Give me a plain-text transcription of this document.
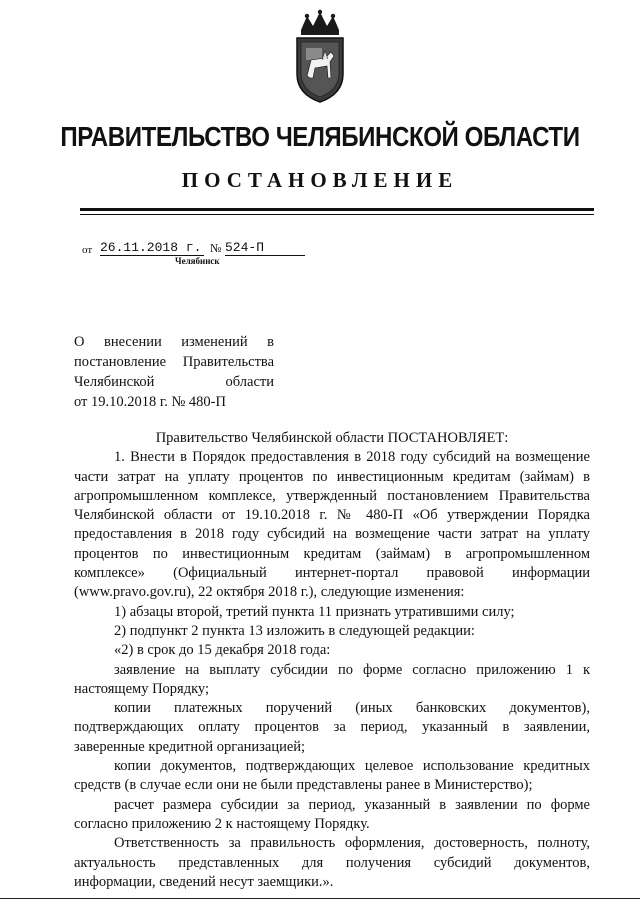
ПРАВИТЕЛЬСТВО ЧЕЛЯБИНСКОЙ ОБЛАСТИ
ПОСТАНОВЛЕНИЕ
от 26.11.2018 г. № 524-П
Челябинск
О внесении изменений в
постановление Правительства
Челябинской области
от 19.10.2018 г. № 480-П
Правительство Челябинской области ПОСТАНОВЛЯЕТ:
1. Внести в Порядок предоставления в 2018 году субсидий на возмещение
части затрат на уплату процентов по инвестиционным кредитам (займам) в
агропромышленном комплексе, утвержденный постановлением Правительства
Челябинской области от 19.10.2018 г. № 480-П «Об утверждении Порядка
предоставления в 2018 году субсидий на возмещение части затрат на уплату
процентов по инвестиционным кредитам (займам) в агропромышленном
комплексе» (Официальный интернет-портал правовой информации
(www.pravo.gov.ru), 22 октября 2018 г.), следующие изменения:
1) абзацы второй, третий пункта 11 признать утратившими силу;
2) подпункт 2 пункта 13 изложить в следующей редакции:
«2) в срок до 15 декабря 2018 года:
заявление на выплату субсидии по форме согласно приложению 1 к
настоящему Порядку;
копии платежных поручений (иных банковских документов),
подтверждающих оплату процентов за период, указанный в заявлении,
заверенные кредитной организацией;
копии документов, подтверждающих целевое использование кредитных
средств (в случае если они не были представлены ранее в Министерство);
расчет размера субсидии за период, указанный в заявлении по форме
согласно приложению 2 к настоящему Порядку.
Ответственность за правильность оформления, достоверность, полноту,
актуальность представленных для получения субсидий документов,
информации, сведений несут заемщики.».
